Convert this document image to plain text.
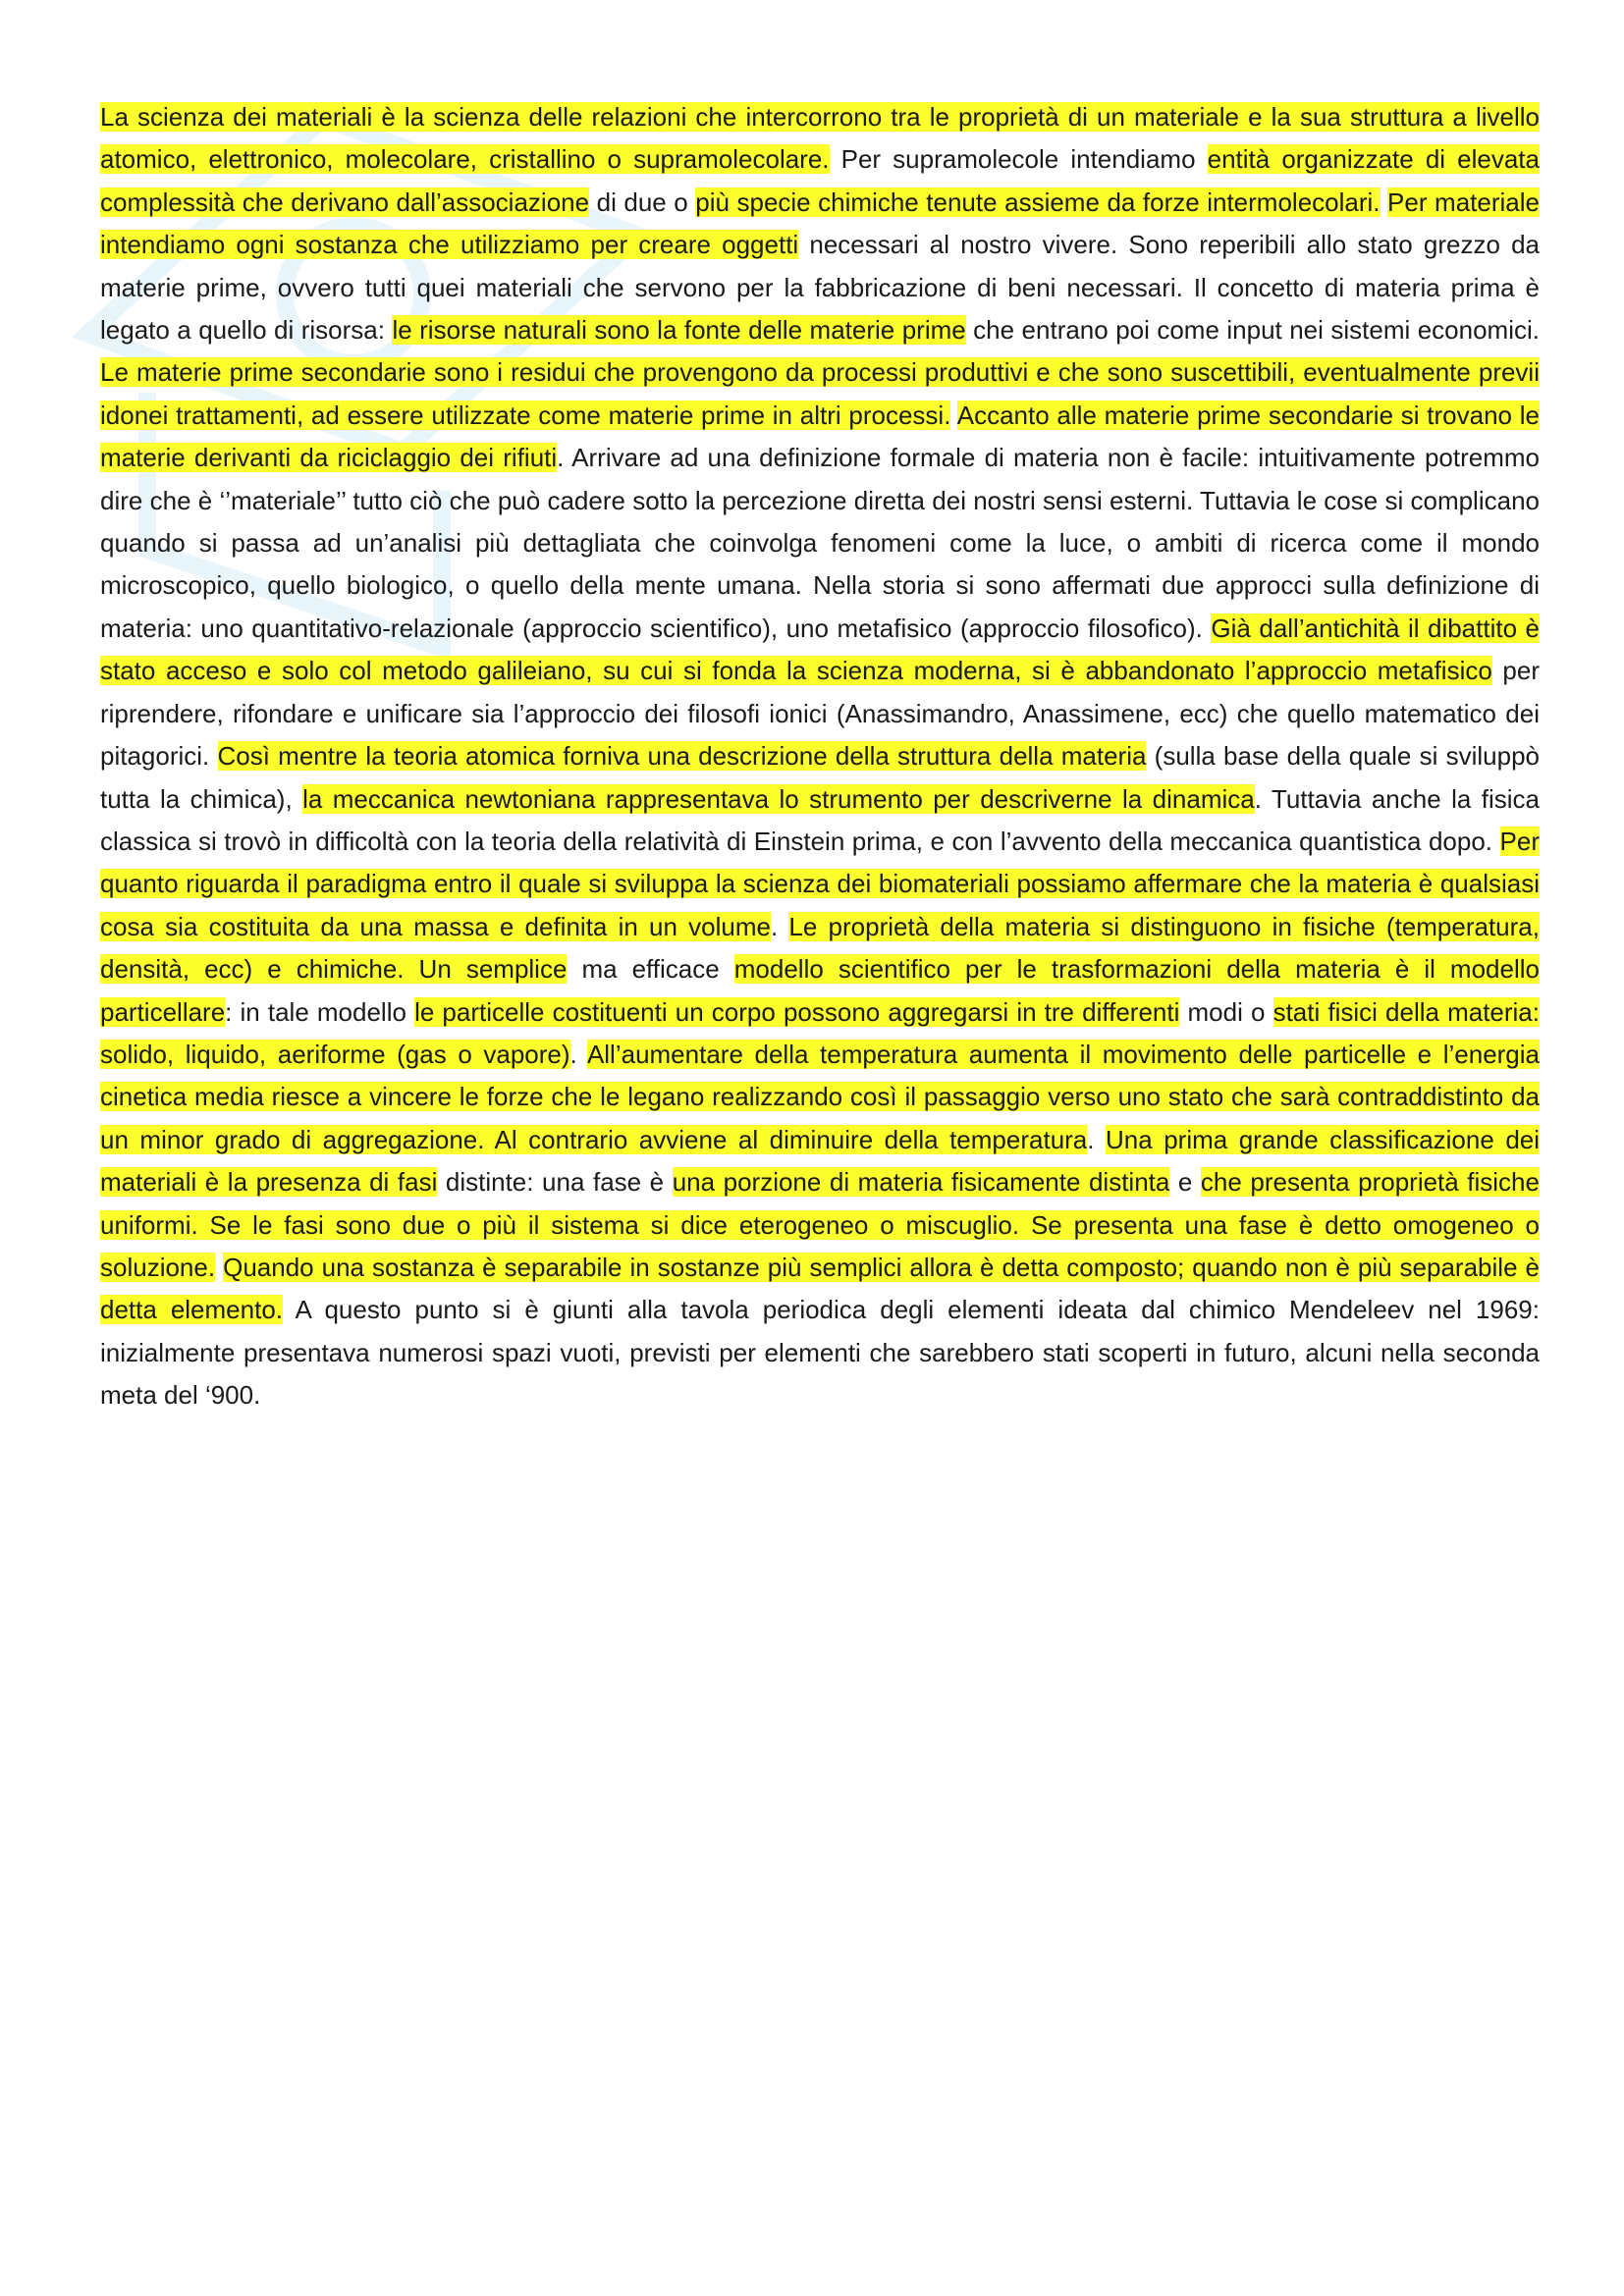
La scienza dei materiali è la scienza delle relazioni che intercorrono tra le proprietà di un materiale e la sua struttura a livello atomico, elettronico, molecolare, cristallino o supramolecolare. Per supramolecole intendiamo entità organizzate di elevata complessità che derivano dall’associazione di due o più specie chimiche tenute assieme da forze intermolecolari. Per materiale intendiamo ogni sostanza che utilizziamo per creare oggetti necessari al nostro vivere. Sono reperibili allo stato grezzo da materie prime, ovvero tutti quei materiali che servono per la fabbricazione di beni necessari. Il concetto di materia prima è legato a quello di risorsa: le risorse naturali sono la fonte delle materie prime che entrano poi come input nei sistemi economici. Le materie prime secondarie sono i residui che provengono da processi produttivi e che sono suscettibili, eventualmente previi idonei trattamenti, ad essere utilizzate come materie prime in altri processi. Accanto alle materie prime secondarie si trovano le materie derivanti da riciclaggio dei rifiuti. Arrivare ad una definizione formale di materia non è facile: intuitivamente potremmo dire che è ‘’materiale’’ tutto ciò che può cadere sotto la percezione diretta dei nostri sensi esterni. Tuttavia le cose si complicano quando si passa ad un’analisi più dettagliata che coinvolga fenomeni come la luce, o ambiti di ricerca come il mondo microscopico, quello biologico, o quello della mente umana. Nella storia si sono affermati due approcci sulla definizione di materia: uno quantitativo-relazionale (approccio scientifico), uno metafisico (approccio filosofico). Già dall’antichità il dibattito è stato acceso e solo col metodo galileiano, su cui si fonda la scienza moderna, si è abbandonato l’approccio metafisico per riprendere, rifondare e unificare sia l’approccio dei filosofi ionici (Anassimandro, Anassimene, ecc) che quello matematico dei pitagorici. Così mentre la teoria atomica forniva una descrizione della struttura della materia (sulla base della quale si sviluppò tutta la chimica), la meccanica newtoniana rappresentava lo strumento per descriverne la dinamica. Tuttavia anche la fisica classica si trovò in difficoltà con la teoria della relatività di Einstein prima, e con l’avvento della meccanica quantistica dopo. Per quanto riguarda il paradigma entro il quale si sviluppa la scienza dei biomateriali possiamo affermare che la materia è qualsiasi cosa sia costituita da una massa e definita in un volume. Le proprietà della materia si distinguono in fisiche (temperatura, densità, ecc) e chimiche. Un semplice ma efficace modello scientifico per le trasformazioni della materia è il modello particellare: in tale modello le particelle costituenti un corpo possono aggregarsi in tre differenti modi o stati fisici della materia: solido, liquido, aeriforme (gas o vapore). All’aumentare della temperatura aumenta il movimento delle particelle e l’energia cinetica media riesce a vincere le forze che le legano realizzando così il passaggio verso uno stato che sarà contraddistinto da un minor grado di aggregazione. Al contrario avviene al diminuire della temperatura. Una prima grande classificazione dei materiali è la presenza di fasi distinte: una fase è una porzione di materia fisicamente distinta e che presenta proprietà fisiche uniformi. Se le fasi sono due o più il sistema si dice eterogeneo o miscuglio. Se presenta una fase è detto omogeneo o soluzione. Quando una sostanza è separabile in sostanze più semplici allora è detta composto; quando non è più separabile è detta elemento. A questo punto si è giunti alla tavola periodica degli elementi ideata dal chimico Mendeleev nel 1969: inizialmente presentava numerosi spazi vuoti, previsti per elementi che sarebbero stati scoperti in futuro, alcuni nella seconda meta del ‘900.
